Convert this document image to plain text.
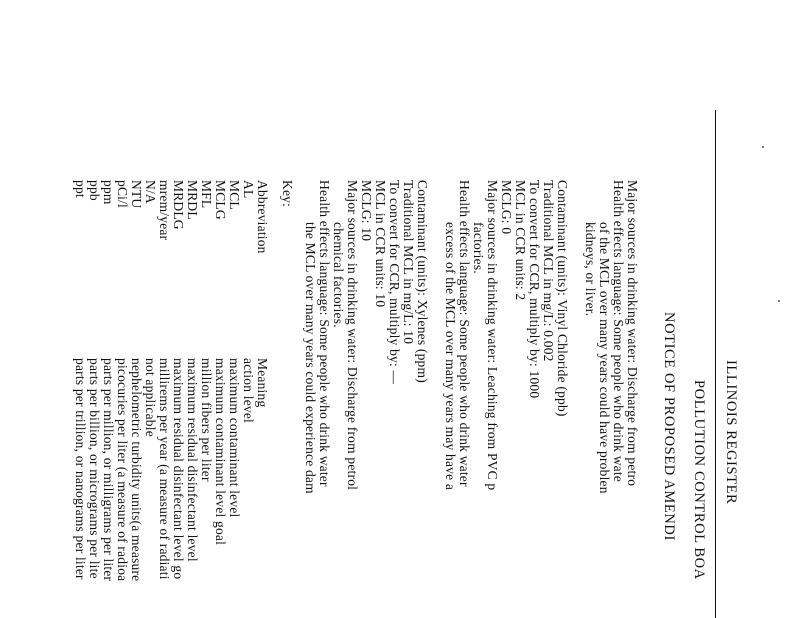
ILLINOIS REGISTER
POLLUTION CONTROL BOA
NOTICE OF PROPOSED AMENDI
Major sources in drinking water: Discharge from petro
Health effects language: Some people who drink wate
of the MCL over many years could have problen
kidneys, or liver.
Contaminant (units): Vinyl Chloride (ppb)
Traditional MCL in mg/L: 0.002
To convert for CCR, multiply by: 1000
MCL in CCR units: 2
MCLG: 0
Major sources in drinking water: Leaching from PVC p
factories.
Health effects language: Some people who drink water
excess of the MCL over many years may have a
Contaminant (units): Xylenes (ppm)
Traditional MCL in mg/L: 10
To convert for CCR, multiply by: —
MCL in CCR units: 10
MCLG: 10
Major sources in drinking water: Discharge from petrol
chemical factories.
Health effects language: Some people who drink water
the MCL over many years could experience dam
Key:
Abbreviation
Meaning
AL
action level
MCL
maximum contaminant level
MCLG
maximum contaminant level goal
MFL
million fibers per liter
MRDL
maximum residual disinfectant level
MRDLG
maximum residual disinfectant level go
mrem/year
millirems per year (a measure of radiati
N/A
not applicable
NTU
nephelometric turbidity units(a measure
pCi/l
picocuries per liter (a measure of radioa
ppm
parts per million, or milligrams per liter
ppb
parts per billion, or micrograms per lite
ppt
parts per trillion, or nanograms per liter
